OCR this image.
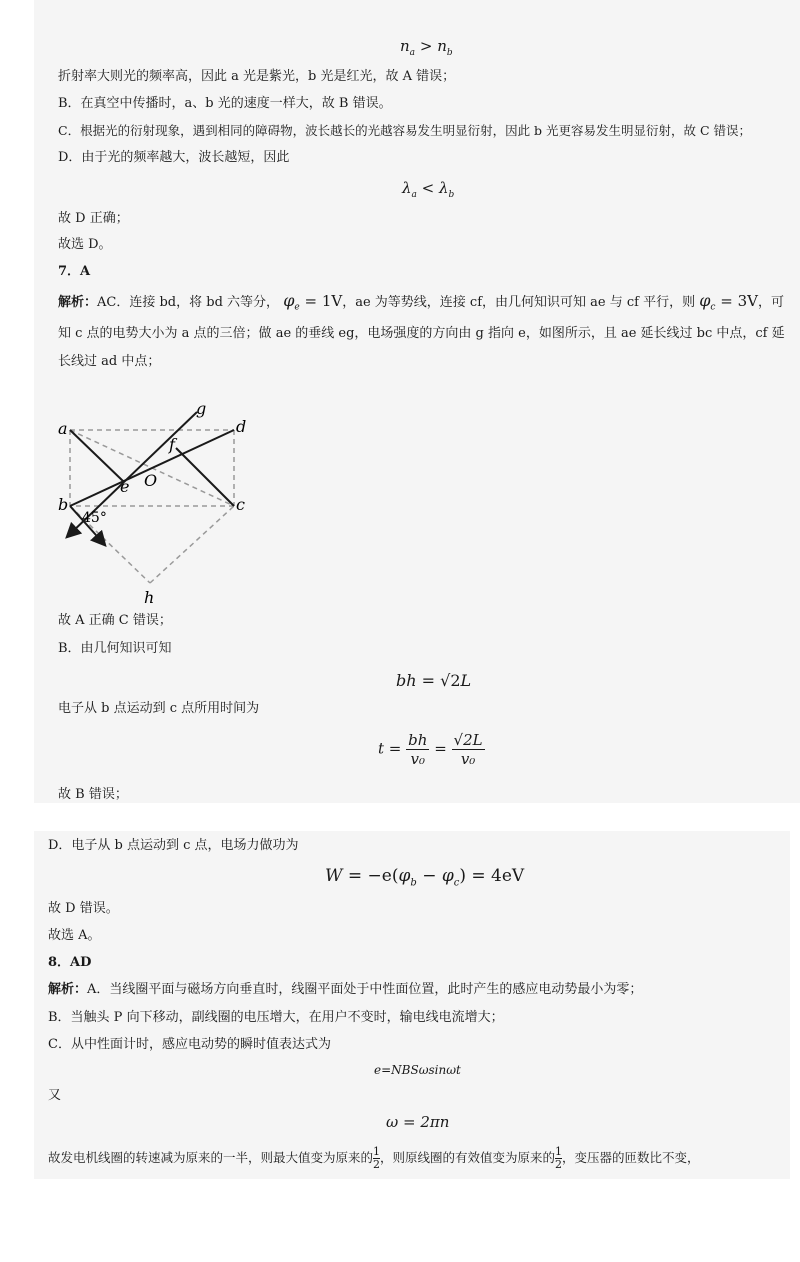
$n_a > n_b$
折射率大则光的频率高，因此 a 光是紫光，b 光是红光，故 A 错误；
B．在真空中传播时，a、b 光的速度一样大，故 B 错误。
C．根据光的衍射现象，遇到相同的障碍物，波长越长的光越容易发生明显衍射，因此 b 光更容易发生明显衍射，故 C 错误；
D．由于光的频率越大，波长越短，因此
$\lambda_a < \lambda_b$
故 D 正确；
故选 D。
7．A
解析：AC．连接 bd，将 bd 六等分， $\varphi_e = 1V$，ae 为等势线，连接 cf，由几何知识可知 ae 与 cf 平行，则 $\varphi_c = 3V$，可
知 c 点的电势大小为 a 点的三倍；做 ae 的垂线 eg，电场强度的方向由 g 指向 e，如图所示，且 ae 延长线过 bc 中点，cf 延
长线过 ad 中点；
a	d
g
f
e O
b	c
h
45°
故 A 正确 C 错误；
B．由几何知识可知
bh = √2L
电子从 b 点运动到 c 点所用时间为
$t = \frac{bh}{\text{v₀}} = \frac{√2L}{\text{v₀}}$
故 B 错误；
D．电子从 b 点运动到 c 点，电场力做功为
$W = -e(\varphi_b - \varphi_c) = 4eV$
故 D 错误。
故选 A。
8．AD
解析：A．当线圈平面与磁场方向垂直时，线圈平面处于中性面位置，此时产生的感应电动势最小为零；
B．当触头 P 向下移动，副线圈的电压增大，在用户不变时，输电线电流增大；
C．从中性面计时，感应电动势的瞬时值表达式为
e=NBSωsinωt
又
ω = 2πn
故发电机线圈的转速减为原来的一半，则最大值变为原来的 $\frac{1}{2}$ ，则原线圈的有效值变为原来的 $\frac{1}{2}$ ，变压器的匝数比不变，
